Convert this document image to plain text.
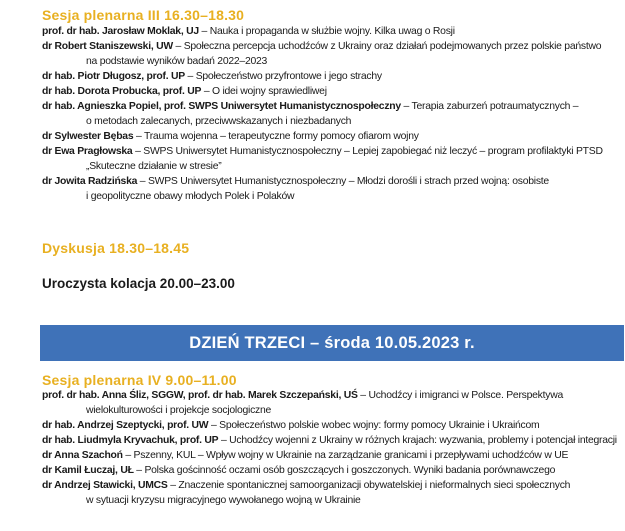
Sesja plenarna III 16.30–18.30
prof. dr hab. Jarosław Moklak, UJ – Nauka i propaganda w służbie wojny. Kilka uwag o Rosji
dr Robert Staniszewski, UW – Społeczna percepcja uchodźców z Ukrainy oraz działań podejmowanych przez polskie państwo
na podstawie wyników badań 2022–2023
dr hab. Piotr Długosz, prof. UP – Społeczeństwo przyfrontowe i jego strachy
dr hab. Dorota Probucka, prof. UP – O idei wojny sprawiedliwej
dr hab. Agnieszka Popiel, prof. SWPS Uniwersytet Humanistycznospołeczny – Terapia zaburzeń potraumatycznych –
o metodach zalecanych, przeciwwskazanych i niezbadanych
dr Sylwester Bębas – Trauma wojenna – terapeutyczne formy pomocy ofiarom wojny
dr Ewa Pragłowska – SWPS Uniwersytet Humanistycznospołeczny – Lepiej zapobiegać niż leczyć – program profilaktyki PTSD
„Skuteczne działanie w stresie”
dr Jowita Radzińska – SWPS Uniwersytet Humanistycznospołeczny – Młodzi dorośli i strach przed wojną: osobiste
i geopolityczne obawy młodych Polek i Polaków
Dyskusja 18.30–18.45
Uroczysta kolacja 20.00–23.00
DZIEŃ TRZECI – środa 10.05.2023 r.
Sesja plenarna IV 9.00–11.00
prof. dr hab. Anna Śliz, SGGW, prof. dr hab. Marek Szczepański, UŚ – Uchodźcy i imigranci w Polsce. Perspektywa
wielokulturowości i projekcje socjologiczne
dr hab. Andrzej Szeptycki, prof. UW – Społeczeństwo polskie wobec wojny: formy pomocy Ukrainie i Ukraińcom
dr hab. Liudmyla Kryvachuk, prof. UP – Uchodźcy wojenni z Ukrainy w różnych krajach: wyzwania, problemy i potencjał integracji
dr Anna Szachoń – Pszenny, KUL – Wpływ wojny w Ukrainie na zarządzanie granicami i przepływami uchodźców w UE
dr Kamil Łuczaj, UŁ – Polska gościnność oczami osób goszczących i goszczonych. Wyniki badania porównawczego
dr Andrzej Stawicki, UMCS – Znaczenie spontanicznej samoorganizacji obywatelskiej i nieformalnych sieci społecznych
w sytuacji kryzysu migracyjnego wywołanego wojną w Ukrainie
